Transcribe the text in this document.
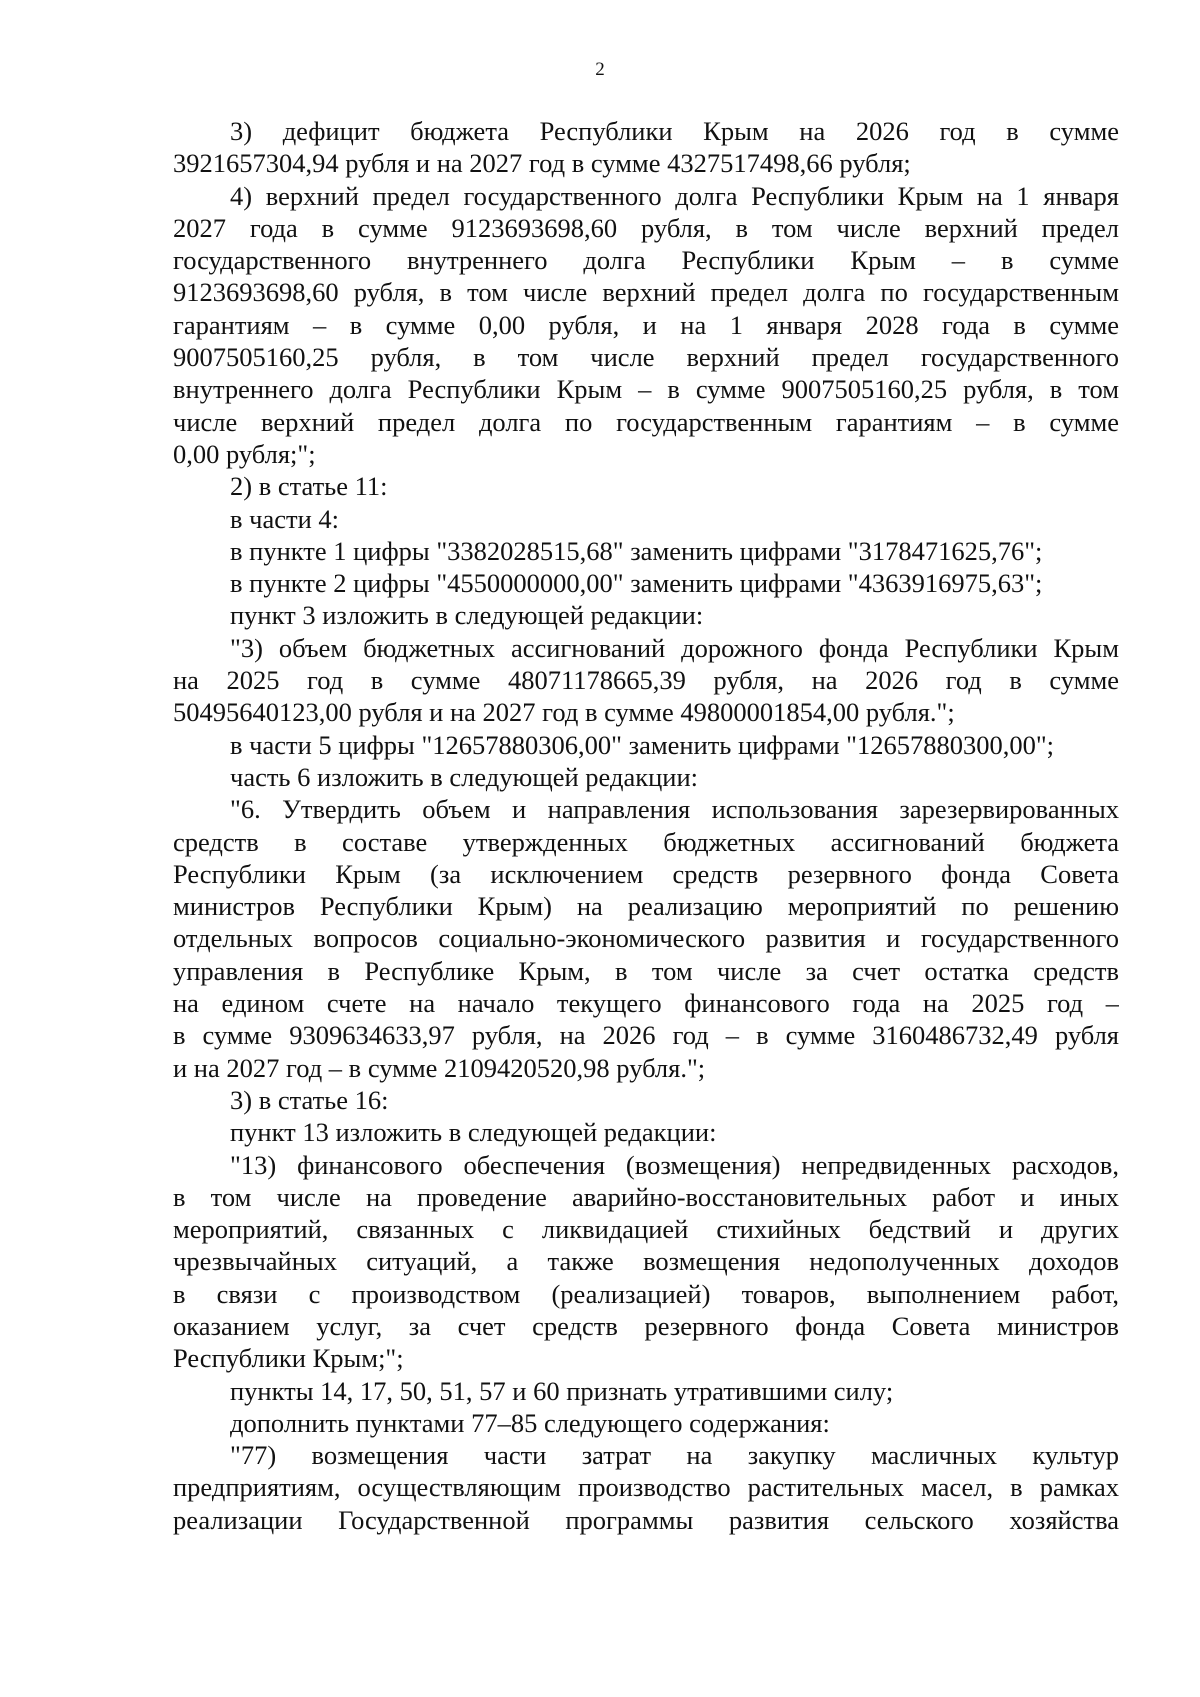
2
3) дефицит бюджета Республики Крым на 2026 год в сумме
3921657304,94 рубля и на 2027 год в сумме 4327517498,66 рубля;
4) верхний предел государственного долга Республики Крым на 1 января
2027 года в сумме 9123693698,60 рубля, в том числе верхний предел
государственного внутреннего долга Республики Крым – в сумме
9123693698,60 рубля, в том числе верхний предел долга по государственным
гарантиям – в сумме 0,00 рубля, и на 1 января 2028 года в сумме
9007505160,25 рубля, в том числе верхний предел государственного
внутреннего долга Республики Крым – в сумме 9007505160,25 рубля, в том
числе верхний предел долга по государственным гарантиям – в сумме
0,00 рубля;";
2) в статье 11:
в части 4:
в пункте 1 цифры "3382028515,68" заменить цифрами "3178471625,76";
в пункте 2 цифры "4550000000,00" заменить цифрами "4363916975,63";
пункт 3 изложить в следующей редакции:
"3) объем бюджетных ассигнований дорожного фонда Республики Крым
на 2025 год в сумме 48071178665,39 рубля, на 2026 год в сумме
50495640123,00 рубля и на 2027 год в сумме 49800001854,00 рубля.";
в части 5 цифры "12657880306,00" заменить цифрами "12657880300,00";
часть 6 изложить в следующей редакции:
"6. Утвердить объем и направления использования зарезервированных
средств в составе утвержденных бюджетных ассигнований бюджета
Республики Крым (за исключением средств резервного фонда Совета
министров Республики Крым) на реализацию мероприятий по решению
отдельных вопросов социально-экономического развития и государственного
управления в Республике Крым, в том числе за счет остатка средств
на едином счете на начало текущего финансового года на 2025 год –
в сумме 9309634633,97 рубля, на 2026 год – в сумме 3160486732,49 рубля
и на 2027 год – в сумме 2109420520,98 рубля.";
3) в статье 16:
пункт 13 изложить в следующей редакции:
"13) финансового обеспечения (возмещения) непредвиденных расходов,
в том числе на проведение аварийно-восстановительных работ и иных
мероприятий, связанных с ликвидацией стихийных бедствий и других
чрезвычайных ситуаций, а также возмещения недополученных доходов
в связи с производством (реализацией) товаров, выполнением работ,
оказанием услуг, за счет средств резервного фонда Совета министров
Республики Крым;";
пункты 14, 17, 50, 51, 57 и 60 признать утратившими силу;
дополнить пунктами 77–85 следующего содержания:
"77) возмещения части затрат на закупку масличных культур
предприятиям, осуществляющим производство растительных масел, в рамках
реализации Государственной программы развития сельского хозяйства
